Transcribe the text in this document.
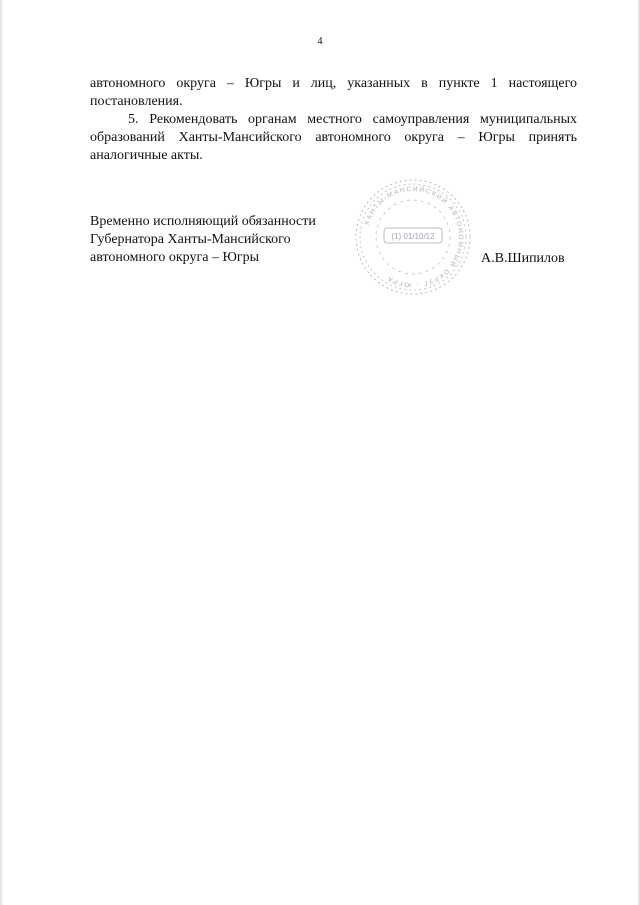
4
автономного округа – Югры и лиц, указанных в пункте 1 настоящего
постановления.
5. Рекомендовать органам местного самоуправления муниципальных
образований Ханты-Мансийского автономного округа – Югры принять
аналогичные акты.
Временно исполняющий обязанности
Губернатора Ханты-Мансийского
автономного округа – Югры
ХАНТЫ-МАНСИЙСКИЙ АВТОНОМНЫЙ ОКРУГ - ЮГРА
(1) 01/10/12
А.В.Шипилов
